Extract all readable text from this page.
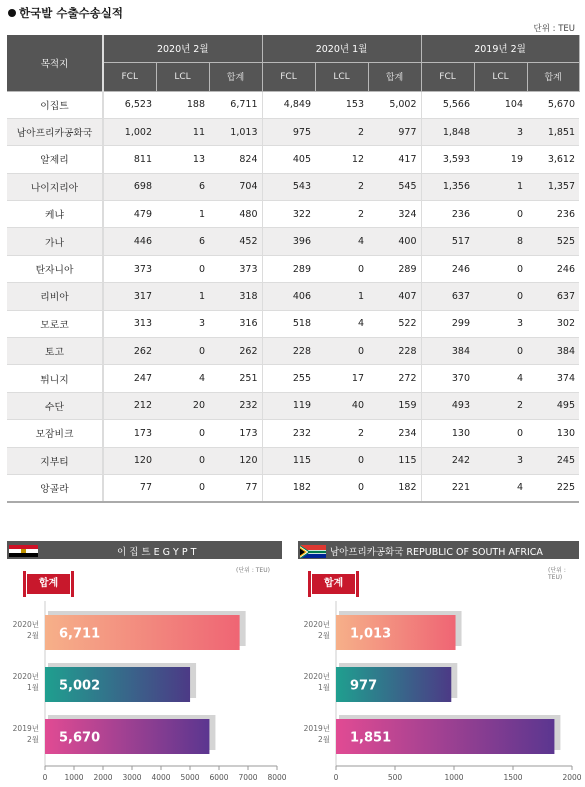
한국발 수출수송실적
단위 : TEU
목적지	2020년 2월			2020년 1월			2019년 2월		
	FCL	LCL	합계	FCL	LCL	합계	FCL	LCL	합계
이집트	6,523	188	6,711	4,849	153	5,002	5,566	104	5,670
남아프리카공화국	1,002	11	1,013	975	2	977	1,848	3	1,851
알제리	811	13	824	405	12	417	3,593	19	3,612
나이지리아	698	6	704	543	2	545	1,356	1	1,357
케냐	479	1	480	322	2	324	236	0	236
가나	446	6	452	396	4	400	517	8	525
탄자니아	373	0	373	289	0	289	246	0	246
리비아	317	1	318	406	1	407	637	0	637
모로코	313	3	316	518	4	522	299	3	302
토고	262	0	262	228	0	228	384	0	384
튀니지	247	4	251	255	17	272	370	4	374
수단	212	20	232	119	40	159	493	2	495
모잠비크	173	0	173	232	2	234	130	0	130
지부티	120	0	120	115	0	115	242	3	245
앙골라	77	0	77	182	0	182	221	4	225
이 집 트 E G Y P T
(단위 : TEU)
합계
6,711
2020년
2월
5,002
2020년
1월
5,670
2019년
2월
0 1000 2000 3000 4000 5000 6000 7000 8000
남아프리카공화국 REPUBLIC OF SOUTH AFRICA
(단위 : TEU)
합계
1,013
2020년
2월
977
2020년
1월
1,851
2019년
2월
0	500	1000	1500	2000
